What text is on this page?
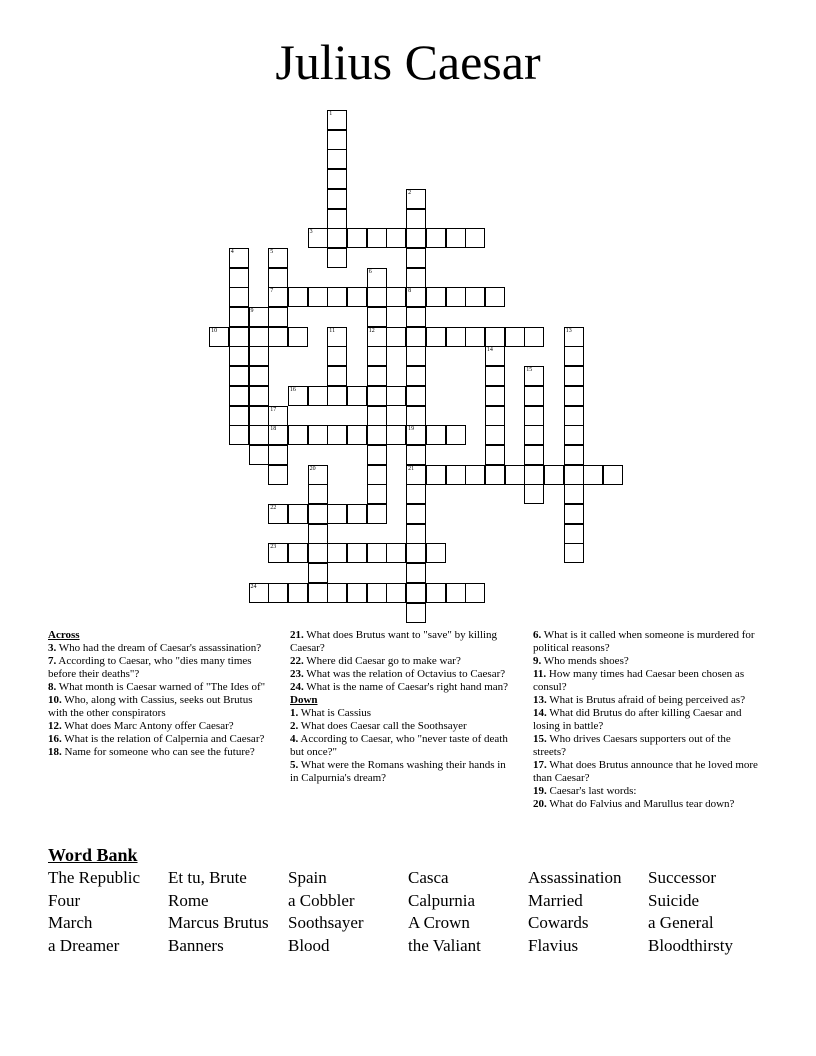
Julius Caesar
1
2
8
19
21
3
4	5
7
6
12
9
10	11	13
14
15
16
17
18
20
22
23
24
Across
3. Who had the dream of Caesar's assassination?
7. According to Caesar, who "dies many times before their deaths"?
8. What month is Caesar warned of "The Ides of"
10. Who, along with Cassius, seeks out Brutus with the other conspirators
12. What does Marc Antony offer Caesar?
16. What is the relation of Calpernia and Caesar?
18. Name for someone who can see the future?
21. What does Brutus want to "save" by killing Caesar?
22. Where did Caesar go to make war?
23. What was the relation of Octavius to Caesar?
24. What is the name of Caesar's right hand man?
Down
1. What is Cassius
2. What does Caesar call the Soothsayer
4. According to Caesar, who "never taste of death but once?"
5. What were the Romans washing their hands in in Calpurnia's dream?
6. What is it called when someone is murdered for political reasons?
9. Who mends shoes?
11. How many times had Caesar been chosen as consul?
13. What is Brutus afraid of being perceived as?
14. What did Brutus do after killing Caesar and losing in battle?
15. Who drives Caesars supporters out of the streets?
17. What does Brutus announce that he loved more than Caesar?
19. Caesar's last words:
20. What do Falvius and Marullus tear down?
Word Bank
The Republic	Et tu, Brute	Spain	Casca	Assassination	Successor
Four	Rome	a Cobbler	Calpurnia	Married	Suicide
March	Marcus Brutus	Soothsayer	A Crown	Cowards	a General
a Dreamer	Banners	Blood	the Valiant	Flavius	Bloodthirsty
